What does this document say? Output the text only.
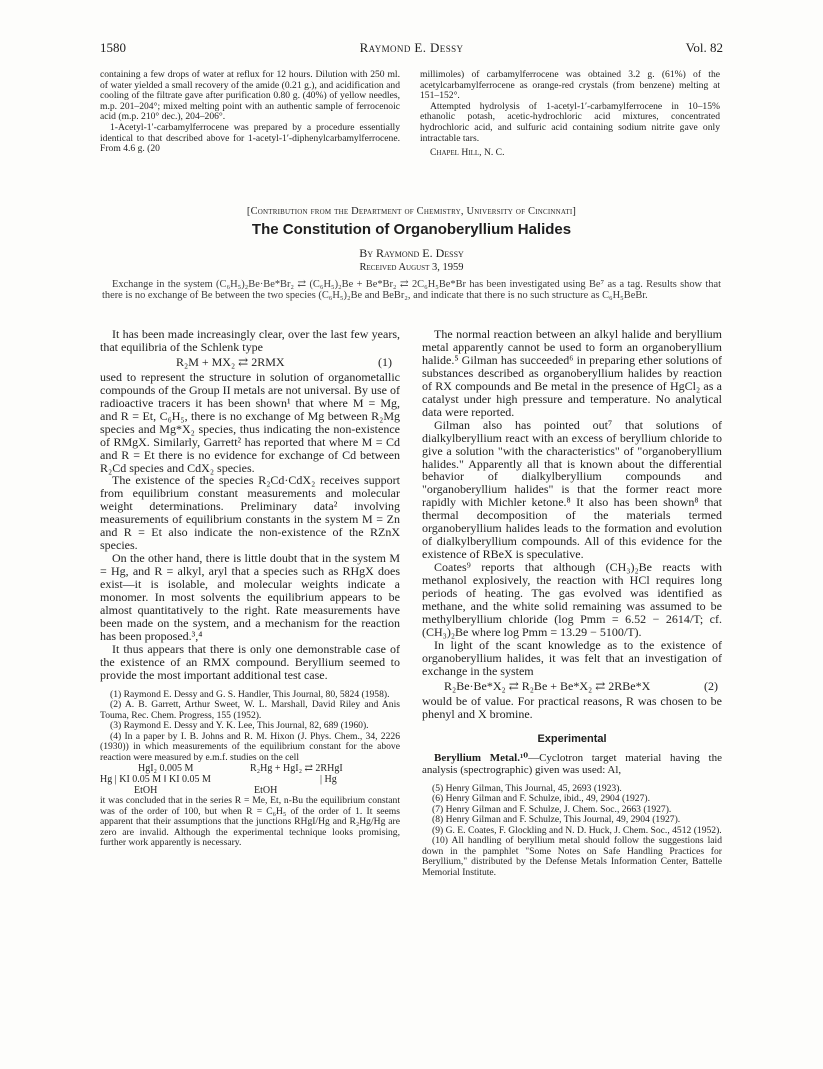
1580	Raymond E. Dessy	Vol. 82

containing a few drops of water at reflux for 12 hours. Dilution with 250 ml. of water yielded a small recovery of the amide (0.21 g.), and acidification and cooling of the filtrate gave after purification 0.80 g. (40%) of yellow needles, m.p. 201–204°; mixed melting point with an authentic sample of ferrocenoic acid (m.p. 210° dec.), 204–206°.

1-Acetyl-1′-carbamylferrocene was prepared by a procedure essentially identical to that described above for 1-acetyl-1′-diphenylcarbamylferrocene. From 4.6 g. (20

millimoles) of carbamylferrocene was obtained 3.2 g. (61%) of the acetylcarbamylferrocene as orange-red crystals (from benzene) melting at 151–152°.

Attempted hydrolysis of 1-acetyl-1′-carbamylferrocene in 10–15% ethanolic potash, acetic-hydrochloric acid mixtures, concentrated hydrochloric acid, and sulfuric acid containing sodium nitrite gave only intractable tars.

Chapel Hill, N. C.

[Contribution from the Department of Chemistry, University of Cincinnati]
The Constitution of Organoberyllium Halides
By Raymond E. Dessy
Received August 3, 1959

Exchange in the system (C₆H₅)₂Be·Be*Br₂ ⇄ (C₆H₅)₂Be + Be*Br₂ ⇄ 2C₆H₅Be*Br has been investigated using Be⁷ as a tag. Results show that there is no exchange of Be between the two species (C₆H₅)₂Be and BeBr₂, and indicate that there is no such structure as C₆H₅BeBr.

It has been made increasingly clear, over the last few years, that equilibria of the Schlenk type

R₂M + MX₂ ⇄ 2RMX	(1)

used to represent the structure in solution of organometallic compounds of the Group II metals are not universal. By use of radioactive tracers it has been shown¹ that where M = Mg, and R = Et, C₆H₅, there is no exchange of Mg between R₂Mg species and Mg*X₂ species, thus indicating the non-existence of RMgX. Similarly, Garrett² has reported that where M = Cd and R = Et there is no evidence for exchange of Cd between R₂Cd species and CdX₂ species.

The existence of the species R₂Cd·CdX₂ receives support from equilibrium constant measurements and molecular weight determinations. Preliminary data² involving measurements of equilibrium constants in the system M = Zn and R = Et also indicate the non-existence of the RZnX species.

On the other hand, there is little doubt that in the system M = Hg, and R = alkyl, aryl that a species such as RHgX does exist—it is isolable, and molecular weights indicate a monomer. In most solvents the equilibrium appears to be almost quantitatively to the right. Rate measurements have been made on the system, and a mechanism for the reaction has been proposed.³,⁴

It thus appears that there is only one demonstrable case of the existence of an RMX compound. Beryllium seemed to provide the most important additional test case.

(1) Raymond E. Dessy and G. S. Handler, This Journal, 80, 5824 (1958).

(2) A. B. Garrett, Arthur Sweet, W. L. Marshall, David Riley and Anis Touma, Rec. Chem. Progress, 155 (1952).

(3) Raymond E. Dessy and Y. K. Lee, This Journal, 82, 689 (1960).

(4) In a paper by I. B. Johns and R. M. Hixon (J. Phys. Chem., 34, 2226 (1930)) in which measurements of the equilibrium constant for the above reaction were measured by e.m.f. studies on the cell

HgI₂ 0.005 M
Hg | KI 0.05 M ‖ KI 0.05 M
EtOH
R₂Hg + HgI₂ ⇄ 2RHgI
| Hg
EtOH

it was concluded that in the series R = Me, Et, n-Bu the equilibrium constant was of the order of 100, but when R = C₆H₅ of the order of 1. It seems apparent that their assumptions that the junctions RHgI/Hg and R₂Hg/Hg are zero are invalid. Although the experimental technique looks promising, further work apparently is necessary.

The normal reaction between an alkyl halide and beryllium metal apparently cannot be used to form an organoberyllium halide.⁵ Gilman has succeeded⁶ in preparing ether solutions of substances described as organoberyllium halides by reaction of RX compounds and Be metal in the presence of HgCl₂ as a catalyst under high pressure and temperature. No analytical data were reported.

Gilman also has pointed out⁷ that solutions of dialkylberyllium react with an excess of beryllium chloride to give a solution "with the characteristics" of "organoberyllium halides." Apparently all that is known about the differential behavior of dialkylberyllium compounds and "organoberyllium halides" is that the former react more rapidly with Michler ketone.⁸ It also has been shown⁸ that thermal decomposition of the materials termed organoberyllium halides leads to the formation and evolution of dialkylberyllium compounds. All of this evidence for the existence of RBeX is speculative.

Coates⁹ reports that although (CH₃)₂Be reacts with methanol explosively, the reaction with HCl requires long periods of heating. The gas evolved was identified as methane, and the white solid remaining was assumed to be methylberyllium chloride (log Pmm = 6.52 − 2614/T; cf. (CH₃)₂Be where log Pmm = 13.29 − 5100/T).

In light of the scant knowledge as to the existence of organoberyllium halides, it was felt that an investigation of exchange in the system

R₂Be·Be*X₂ ⇄ R₂Be + Be*X₂ ⇄ 2RBe*X	(2)

would be of value. For practical reasons, R was chosen to be phenyl and X bromine.

Experimental

Beryllium Metal.¹⁰—Cyclotron target material having the analysis (spectrographic) given was used: Al,

(5) Henry Gilman, This Journal, 45, 2693 (1923).

(6) Henry Gilman and F. Schulze, ibid., 49, 2904 (1927).

(7) Henry Gilman and F. Schulze, J. Chem. Soc., 2663 (1927).

(8) Henry Gilman and F. Schulze, This Journal, 49, 2904 (1927).

(9) G. E. Coates, F. Glockling and N. D. Huck, J. Chem. Soc., 4512 (1952).

(10) All handling of beryllium metal should follow the suggestions laid down in the pamphlet "Some Notes on Safe Handling Practices for Beryllium," distributed by the Defense Metals Information Center, Battelle Memorial Institute.
